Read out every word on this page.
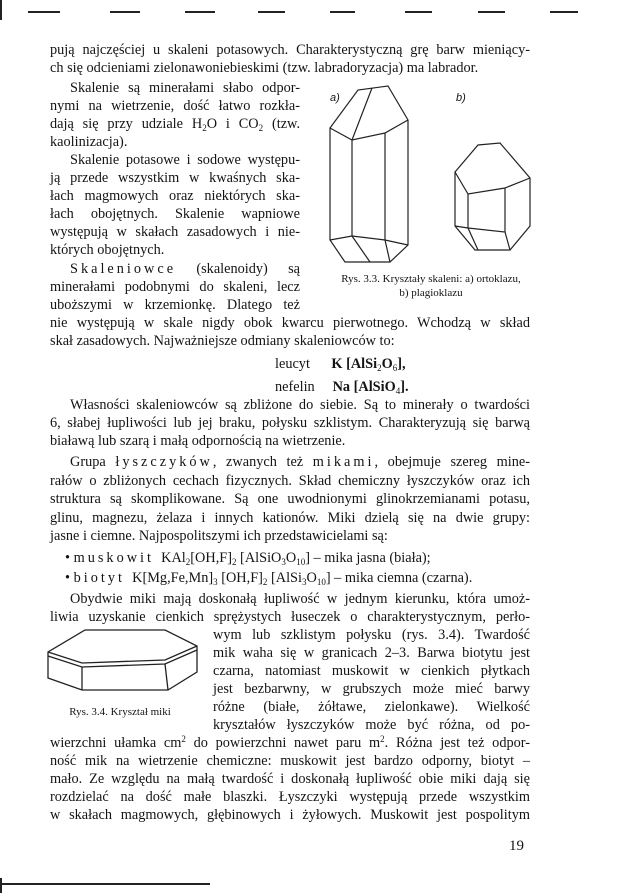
pują najczęściej u skaleni potasowych. Charakterystyczną grę barw mieniący-
ch się odcieniami zielonawoniebieskimi (tzw. labradoryzacja) ma labrador.
Skalenie są minerałami słabo odpor-
nymi na wietrzenie, dość łatwo rozkła-
dają się przy udziale $H_2O$ i $CO_2$ (tzw.
kaolinizacja).
Skalenie potasowe i sodowe występu-
ją przede wszystkim w kwaśnych ska-
łach magmowych oraz niektórych ska-
łach obojętnych. Skalenie wapniowe
występują w skałach zasadowych i nie-
których obojętnych.
Skaleniowce (skalenoidy) są
minerałami podobnymi do skaleni, lecz
uboższymi w krzemionkę. Dlatego też
nie występują w skale nigdy obok kwarcu pierwotnego. Wchodzą w skład
skał zasadowych. Najważniejsze odmiany skaleniowców to:
leucyt      K $[AlSi_2O_6]$,
nefelin     Na [AlSiO$_4$].
Własności skaleniowców są zbliżone do siebie. Są to minerały o twardości
6, słabej łupliwości lub jej braku, połysku szklistym. Charakteryzują się barwą
białawą lub szarą i małą odpornością na wietrzenie.
Grupa łyszczyków, zwanych też mikami, obejmuje szereg mine-
rałów o zbliżonych cechach fizycznych. Skład chemiczny łyszczyków oraz ich
struktura są skomplikowane. Są one uwodnionymi glinokrzemianami potasu,
glinu, magnezu, żelaza i innych kationów. Miki dzielą się na dwie grupy:
jasne i ciemne. Najpospolitszymi ich przedstawicielami są:
• muskowit  $KAl_2[OH,F]_2$ $[AlSiO_3O_{10}]$ – mika jasna (biała);
• biotyt  $K[Mg,Fe,Mn]_3$ $[OH,F]_2$ $[AlSi_3O_{10}]$ – mika ciemna (czarna).
Obydwie miki mają doskonałą łupliwość w jednym kierunku, która umoż-
liwia uzyskanie cienkich sprężystych łuseczek o charakterystycznym, perło-
wym lub szklistym połysku (rys. 3.4). Twardość
mik waha się w granicach 2–3. Barwa biotytu jest
czarna, natomiast muskowit w cienkich płytkach
jest bezbarwny, w grubszych może mieć barwy
różne (białe, żółtawe, zielonkawe). Wielkość
kryształów łyszczyków może być różna, od po-
wierzchni ułamka $cm^2$ do powierzchni nawet paru $m^2$. Różna jest też odpor-
ność mik na wietrzenie chemiczne: muskowit jest bardzo odporny, biotyt –
mało. Ze względu na małą twardość i doskonałą łupliwość obie miki dają się
rozdzielać na dość małe blaszki. Łyszczyki występują przede wszystkim
w skałach magmowych, głębinowych i żyłowych. Muskowit jest pospolitym
a)	b)
Rys. 3.3. Kryształy skaleni: a) ortoklazu,
b) plagioklazu
Rys. 3.4. Kryształ miki
19
